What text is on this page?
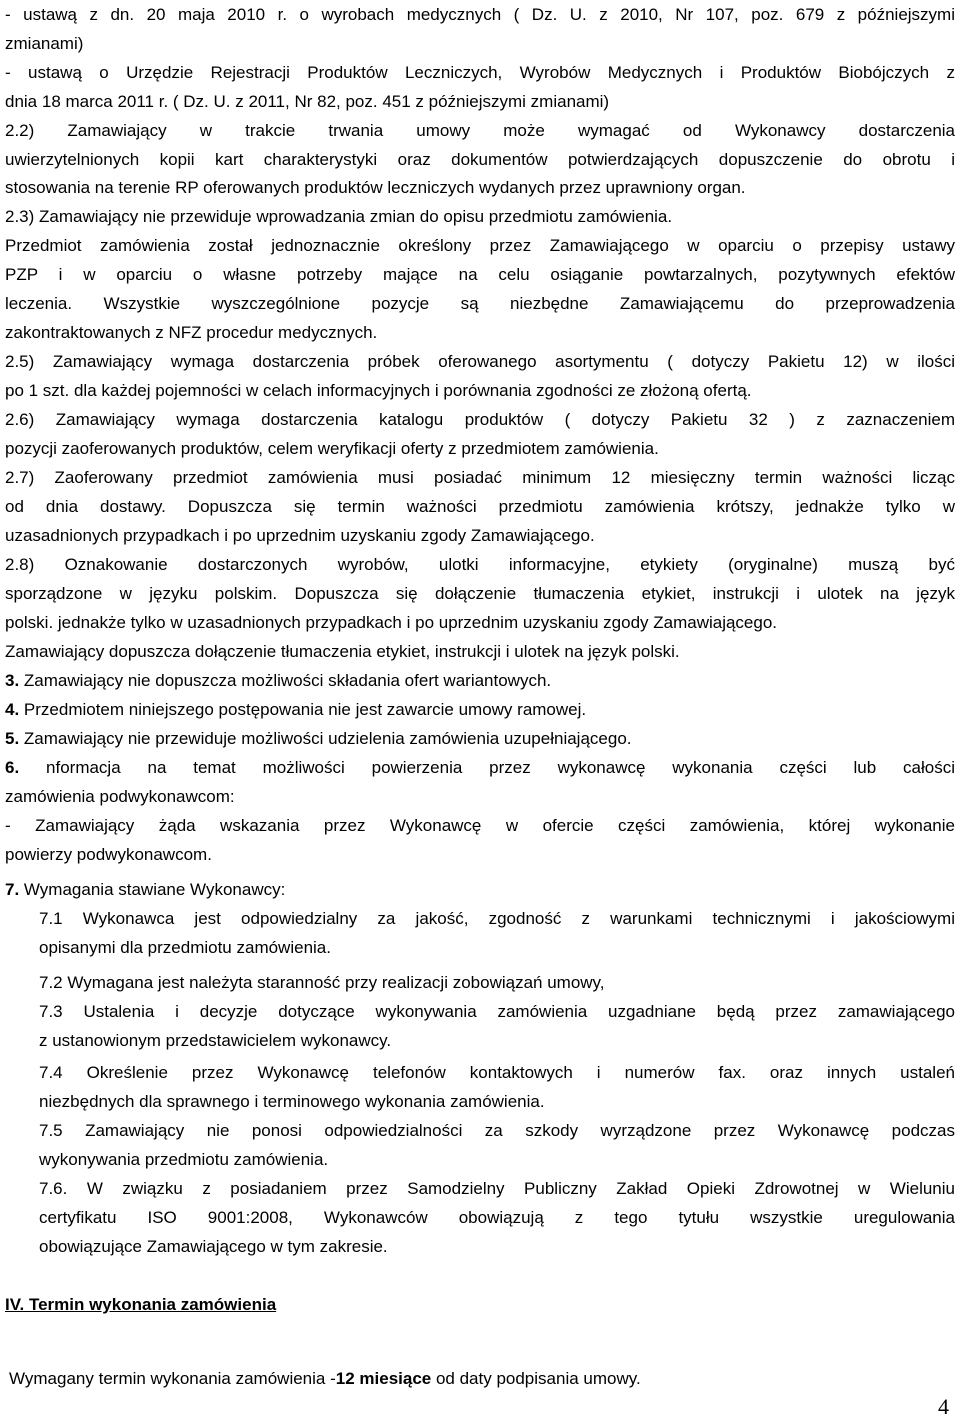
- ustawą z dn. 20 maja 2010 r. o wyrobach medycznych ( Dz. U. z 2010, Nr 107, poz. 679 z późniejszymi
zmianami)
- ustawą o Urzędzie Rejestracji Produktów Leczniczych, Wyrobów Medycznych i Produktów Biobójczych z
dnia 18 marca 2011 r. ( Dz. U. z 2011, Nr 82, poz. 451 z późniejszymi zmianami)
2.2) Zamawiający w trakcie trwania umowy może wymagać od Wykonawcy dostarczenia
uwierzytelnionych kopii kart charakterystyki oraz dokumentów potwierdzających dopuszczenie do obrotu i
stosowania na terenie RP oferowanych produktów leczniczych wydanych przez uprawniony organ.
2.3) Zamawiający nie przewiduje wprowadzania zmian do opisu przedmiotu zamówienia.
Przedmiot zamówienia został jednoznacznie określony przez Zamawiającego w oparciu o przepisy ustawy
PZP i w oparciu o własne potrzeby mające na celu osiąganie powtarzalnych, pozytywnych efektów
leczenia. Wszystkie wyszczególnione pozycje są niezbędne Zamawiającemu do przeprowadzenia
zakontraktowanych z NFZ procedur medycznych.
2.5) Zamawiający wymaga dostarczenia próbek oferowanego asortymentu ( dotyczy Pakietu 12) w ilości
po 1 szt. dla każdej pojemności w celach informacyjnych i porównania zgodności ze złożoną ofertą.
2.6) Zamawiający wymaga dostarczenia katalogu produktów ( dotyczy Pakietu 32 ) z zaznaczeniem
pozycji zaoferowanych produktów, celem weryfikacji oferty z przedmiotem zamówienia.
2.7) Zaoferowany przedmiot zamówienia musi posiadać minimum 12 miesięczny termin ważności licząc
od dnia dostawy. Dopuszcza się termin ważności przedmiotu zamówienia krótszy, jednakże tylko w
uzasadnionych przypadkach i po uprzednim uzyskaniu zgody Zamawiającego.
2.8) Oznakowanie dostarczonych wyrobów, ulotki informacyjne, etykiety (oryginalne) muszą być
sporządzone w języku polskim. Dopuszcza się dołączenie tłumaczenia etykiet, instrukcji i ulotek na język
polski. jednakże tylko w uzasadnionych przypadkach i po uprzednim uzyskaniu zgody Zamawiającego.
Zamawiający dopuszcza dołączenie tłumaczenia etykiet, instrukcji i ulotek na język polski.
3. Zamawiający nie dopuszcza możliwości składania ofert wariantowych.
4. Przedmiotem niniejszego postępowania nie jest zawarcie umowy ramowej.
5. Zamawiający nie przewiduje możliwości udzielenia zamówienia uzupełniającego.
6. nformacja na temat możliwości powierzenia przez wykonawcę wykonania części lub całości
zamówienia podwykonawcom:
- Zamawiający żąda wskazania przez Wykonawcę w ofercie części zamówienia, której wykonanie
powierzy podwykonawcom.
7. Wymagania stawiane Wykonawcy:
7.1 Wykonawca jest odpowiedzialny za jakość, zgodność z warunkami technicznymi i jakościowymi
opisanymi dla przedmiotu zamówienia.
7.2 Wymagana jest należyta staranność przy realizacji zobowiązań umowy,
7.3 Ustalenia i decyzje dotyczące wykonywania zamówienia uzgadniane będą przez zamawiającego
z ustanowionym przedstawicielem wykonawcy.
7.4 Określenie przez Wykonawcę telefonów kontaktowych i numerów fax. oraz innych ustaleń
niezbędnych dla sprawnego i terminowego wykonania zamówienia.
7.5 Zamawiający nie ponosi odpowiedzialności za szkody wyrządzone przez Wykonawcę podczas
wykonywania przedmiotu zamówienia.
7.6. W związku z posiadaniem przez Samodzielny Publiczny Zakład Opieki Zdrowotnej w Wieluniu
certyfikatu ISO 9001:2008, Wykonawców obowiązują z tego tytułu wszystkie uregulowania
obowiązujące Zamawiającego w tym zakresie.
IV. Termin wykonania zamówienia
Wymagany termin wykonania zamówienia -12 miesiące od daty podpisania umowy.
4
